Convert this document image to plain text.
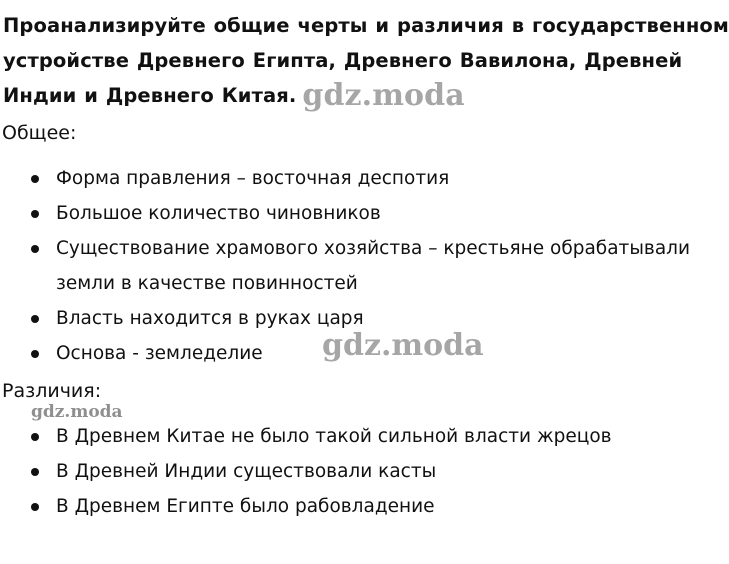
Проанализируйте общие черты и различия в государственном
устройстве Древнего Египта, Древнего Вавилона, Древней
Индии и Древнего Китая. gdz.moda
Общее:
Форма правления – восточная деспотия
Большое количество чиновников
Существование храмового хозяйства – крестьяне обрабатывали
земли в качестве повинностей
Власть находится в руках царя
Основа - земледелие	gdz.moda
Различия:
gdz.moda
В Древнем Китае не было такой сильной власти жрецов
В Древней Индии существовали касты
В Древнем Египте было рабовладение
